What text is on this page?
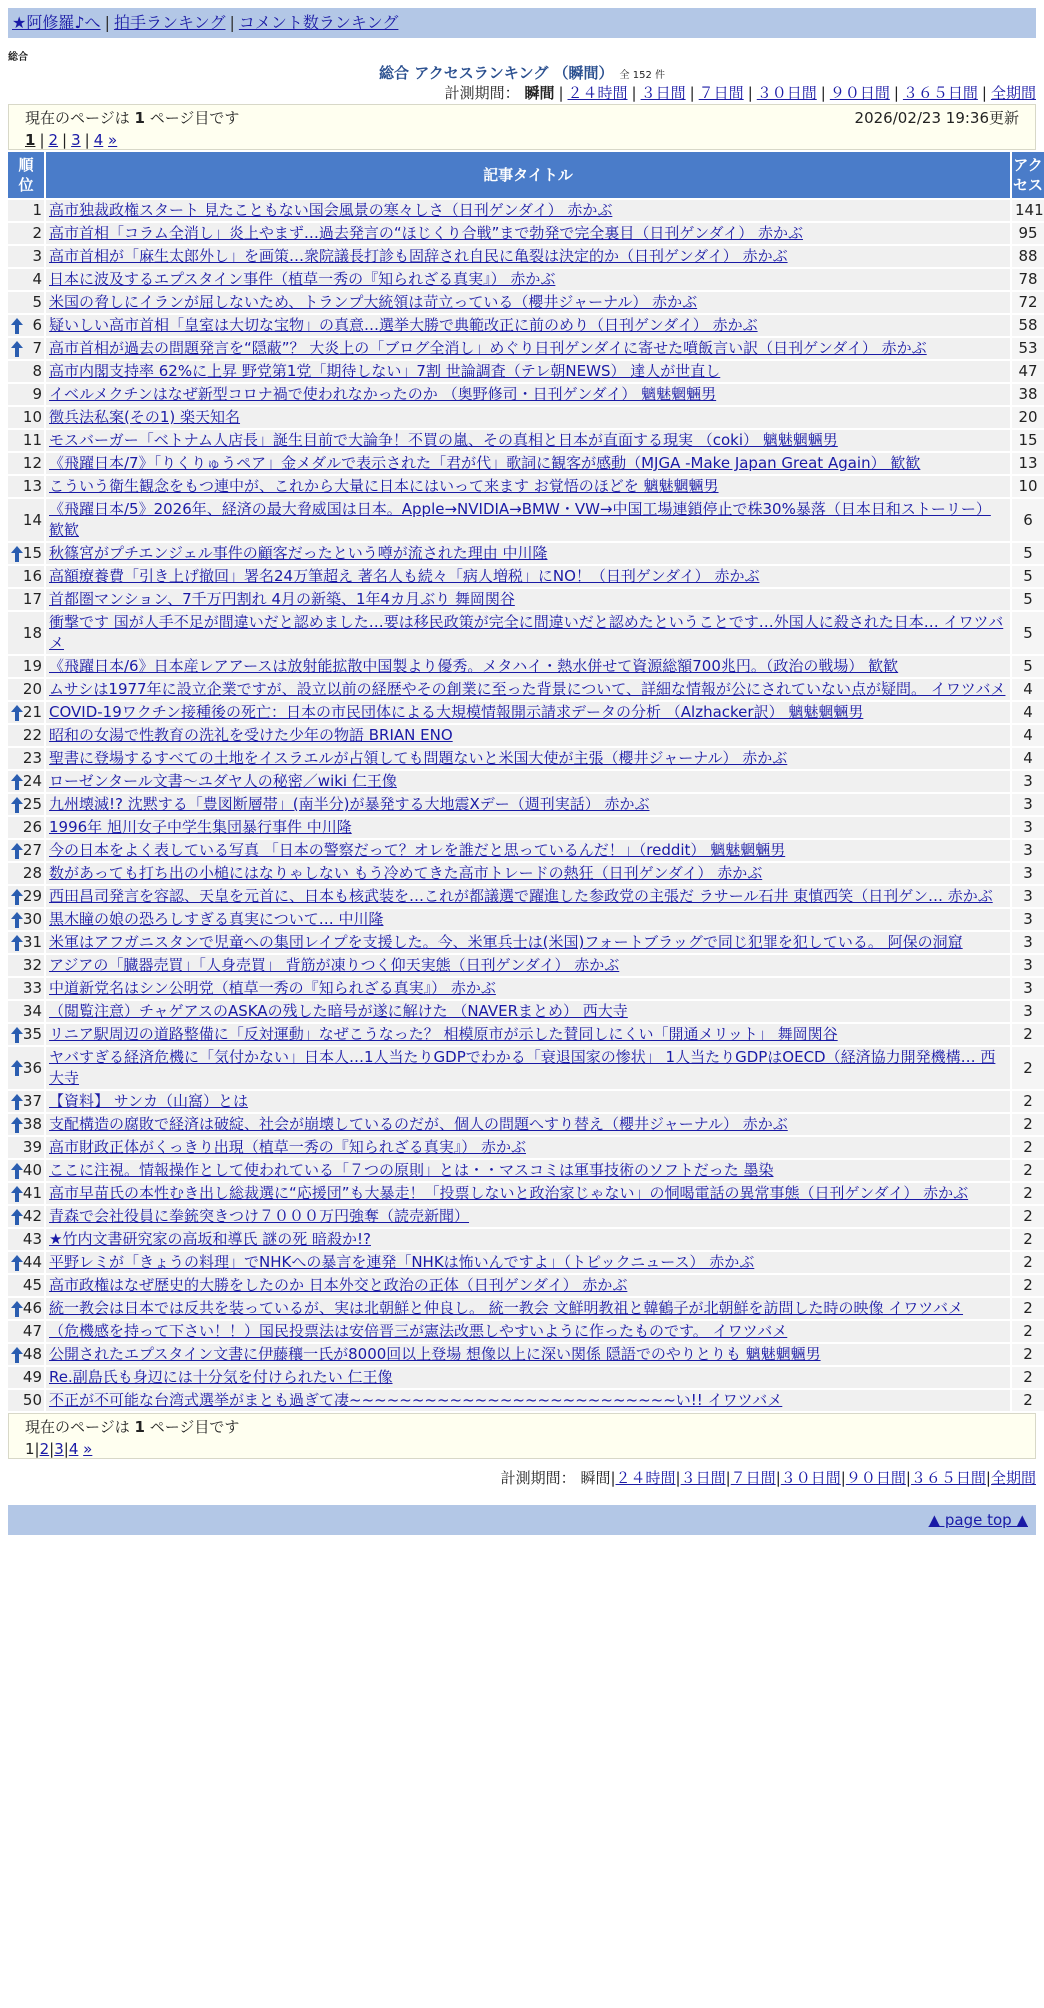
★阿修羅♪へ | 拍手ランキング | コメント数ランキング
総合
総合 アクセスランキング （瞬間） 全 152 件
計測期間： 瞬間 | ２４時間 | ３日間 | ７日間 | ３０日間 | ９０日間 | ３６５日間 | 全期間
現在のページは 1 ページ目です	2026/02/23 19:36更新
1 | 2 | 3 | 4 »
順
位	記事タイトル	アク
セス
1	高市独裁政権スタート 見たこともない国会風景の寒々しさ（日刊ゲンダイ） 赤かぶ	141
2	高市首相「コラム全消し」炎上やまず…過去発言の“ほじくり合戦”まで勃発で完全裏目（日刊ゲンダイ） 赤かぶ	95
3	高市首相が「麻生太郎外し」を画策…衆院議長打診も固辞され自民に亀裂は決定的か（日刊ゲンダイ） 赤かぶ	88
4	日本に波及するエプスタイン事件（植草一秀の『知られざる真実』） 赤かぶ	78
5	米国の脅しにイランが屈しないため、トランプ大統領は苛立っている（櫻井ジャーナル） 赤かぶ	72

6	疑いしい高市首相「皇室は大切な宝物」の真意…選挙大勝で典範改正に前のめり（日刊ゲンダイ） 赤かぶ	58

7	高市首相が過去の問題発言を“隠蔽”？ 大炎上の「ブログ全消し」めぐり日刊ゲンダイに寄せた噴飯言い訳（日刊ゲンダイ） 赤かぶ	53
8	高市内閣支持率 62%に上昇 野党第1党「期待しない」7割 世論調査（テレ朝NEWS） 達人が世直し	47
9	イベルメクチンはなぜ新型コロナ禍で使われなかったのか （奥野修司・日刊ゲンダイ） 魑魅魍魎男	38
10	徴兵法私案(その1) 楽天知名	20
11	モスバーガー「ベトナム人店長」誕生目前で大論争！不買の嵐、その真相と日本が直面する現実 （coki） 魑魅魍魎男	15
12	《飛躍日本/7》「りくりゅうペア」金メダルで表示された「君が代」歌詞に観客が感動（MJGA -Make Japan Great Again） 歓歓	13
13	こういう衛生観念をもつ連中が、これから大量に日本にはいって来ます お覚悟のほどを 魑魅魍魎男	10
14	《飛躍日本/5》2026年、経済の最大脅威国は日本。Apple→NVIDIA→BMW・VW→中国工場連鎖停止で株30%暴落（日本日和ストーリー） 歓歓	6

15	秋篠宮がプチエンジェル事件の顧客だったという噂が流された理由 中川隆	5
16	高額療養費「引き上げ撤回」署名24万筆超え 著名人も続々「病人増税」にNO！（日刊ゲンダイ） 赤かぶ	5
17	首都圏マンション、7千万円割れ 4月の新築、1年4カ月ぶり 舞岡関谷	5
18	衝撃です 国が人手不足が間違いだと認めました…要は移民政策が完全に間違いだと認めたということです…外国人に殺された日本… イワツバメ	5
19	《飛躍日本/6》日本産レアアースは放射能拡散中国製より優秀。メタハイ・熱水併せて資源総額700兆円。（政治の戦場） 歓歓	5
20	ムサシは1977年に設立企業ですが、設立以前の経歴やその創業に至った背景について、詳細な情報が公にされていない点が疑問。 イワツバメ	4

21	COVID-19ワクチン接種後の死亡：日本の市民団体による大規模情報開示請求データの分析 （Alzhacker訳） 魑魅魍魎男	4
22	昭和の女湯で性教育の洗礼を受けた少年の物語 BRIAN ENO	4
23	聖書に登場するすべての土地をイスラエルが占領しても問題ないと米国大使が主張（櫻井ジャーナル） 赤かぶ	4

24	ローゼンタール文書～ユダヤ人の秘密／wiki 仁王像	3

25	九州壊滅!? 沈黙する「豊図断層帯」(南半分)が暴発する大地震Xデー（週刊実話） 赤かぶ	3
26	1996年 旭川女子中学生集団暴行事件 中川隆	3

27	今の日本をよく表している写真 「日本の警察だって？オレを誰だと思っているんだ！」（reddit） 魑魅魍魎男	3
28	数があっても打ち出の小槌にはなりゃしない もう冷めてきた高市トレードの熱狂（日刊ゲンダイ） 赤かぶ	3

29	西田昌司発言を容認、天皇を元首に、日本も核武装を…これが都議選で躍進した参政党の主張だ ラサール石井 東慎西笑（日刊ゲン… 赤かぶ	3

30	黒木瞳の娘の恐ろしすぎる真実について… 中川隆	3

31	米軍はアフガニスタンで児童への集団レイプを支援した。今、米軍兵士は(米国)フォートブラッグで同じ犯罪を犯している。 阿保の洞窟	3
32	アジアの「臓器売買」「人身売買」 背筋が凍りつく仰天実態（日刊ゲンダイ） 赤かぶ	3
33	中道新党名はシン公明党（植草一秀の『知られざる真実』） 赤かぶ	3
34	（閲覧注意）チャゲアスのASKAの残した暗号が遂に解けた （NAVERまとめ） 西大寺	3

35	リニア駅周辺の道路整備に「反対運動」なぜこうなった？ 相模原市が示した賛同しにくい「開通メリット」 舞岡関谷	2

36	ヤバすぎる経済危機に「気付かない」日本人…1人当たりGDPでわかる「衰退国家の惨状」 1人当たりGDPはOECD（経済協力開発機構… 西大寺	2

37	【資料】 サンカ（山窩）とは	2

38	支配構造の腐敗で経済は破綻、社会が崩壊しているのだが、個人の問題へすり替え（櫻井ジャーナル） 赤かぶ	2
39	高市財政正体がくっきり出現（植草一秀の『知られざる真実』） 赤かぶ	2

40	ここに注視。情報操作として使われている「７つの原則」とは・・マスコミは軍事技術のソフトだった 墨染	2

41	高市早苗氏の本性むき出し総裁選に“応援団”も大暴走！「投票しないと政治家じゃない」の恫喝電話の異常事態（日刊ゲンダイ） 赤かぶ	2

42	青森で会社役員に拳銃突きつけ７０００万円強奪（読売新聞）	2
43	★竹内文書研究家の高坂和導氏 謎の死 暗殺か!?	2

44	平野レミが「きょうの料理」でNHKへの暴言を連発「NHKは怖いんですよ」（トピックニュース） 赤かぶ	2
45	高市政権はなぜ歴史的大勝をしたのか 日本外交と政治の正体（日刊ゲンダイ） 赤かぶ	2

46	統一教会は日本では反共を装っているが、実は北朝鮮と仲良し。 統一教会 文鮮明教祖と韓鶴子が北朝鮮を訪問した時の映像 イワツバメ	2
47	（危機感を持って下さい！！）国民投票法は安倍晋三が憲法改悪しやすいように作ったものです。 イワツバメ	2

48	公開されたエプスタイン文書に伊藤穰一氏が8000回以上登場 想像以上に深い関係 隠語でのやりとりも 魑魅魍魎男	2
49	Re.副島氏も身辺には十分気を付けられたい 仁王像	2
50	不正が不可能な台湾式選挙がまとも過ぎて凄~~~~~~~~~~~~~~~~~~~~~~~~~~い!! イワツバメ	2
現在のページは 1 ページ目です
1|2|3|4 »
計測期間： 瞬間|２４時間|３日間|７日間|３０日間|９０日間|３６５日間|全期間
▲ page top ▲
